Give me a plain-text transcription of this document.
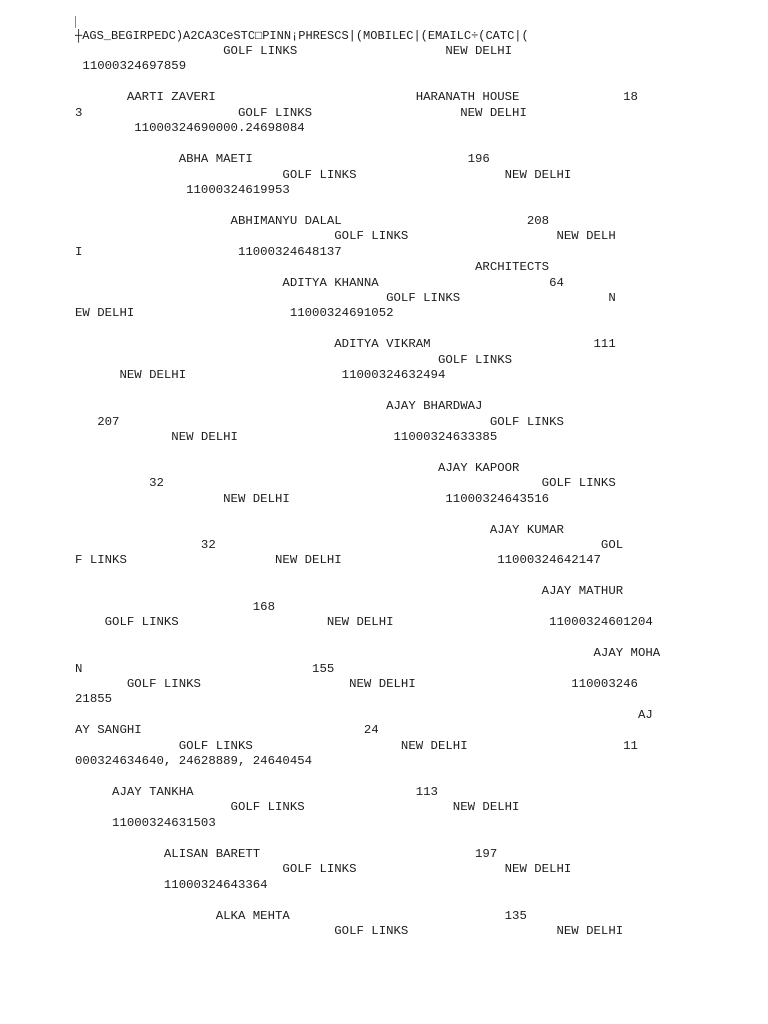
┼AGS_BEGIRPEDC)A2CA3CeSTC□PINN¡PHRESCS|(MOBILEC|(EMAILC÷(CATC|(
GOLF LINKS                    NEW DELHI
11000324697859
AARTI ZAVERI                           HARANATH HOUSE              18
3                     GOLF LINKS                    NEW DELHI
11000324690000.24698084
ABHA MAETI                             196
GOLF LINKS                    NEW DELHI
11000324619953
ABHIMANYU DALAL                         208
GOLF LINKS                    NEW DELH
I                     11000324648137
ARCHITECTS
ADITYA KHANNA                       64
GOLF LINKS                    N
EW DELHI                     11000324691052
ADITYA VIKRAM                      111
GOLF LINKS
NEW DELHI                     11000324632494
AJAY BHARDWAJ
207                                                  GOLF LINKS
NEW DELHI                     11000324633385
AJAY KAPOOR
32                                                   GOLF LINKS
NEW DELHI                     11000324643516
AJAY KUMAR
32                                                    GOL
F LINKS                    NEW DELHI                     11000324642147
AJAY MATHUR
168
GOLF LINKS                    NEW DELHI                     11000324601204
AJAY MOHA
N                               155
GOLF LINKS                    NEW DELHI                     110003246
21855
AJ
AY SANGHI                              24
GOLF LINKS                    NEW DELHI                     11
000324634640, 24628889, 24640454
AJAY TANKHA                              113
GOLF LINKS                    NEW DELHI
11000324631503
ALISAN BARETT                             197
GOLF LINKS                    NEW DELHI
11000324643364
ALKA MEHTA                             135
GOLF LINKS                    NEW DELHI
